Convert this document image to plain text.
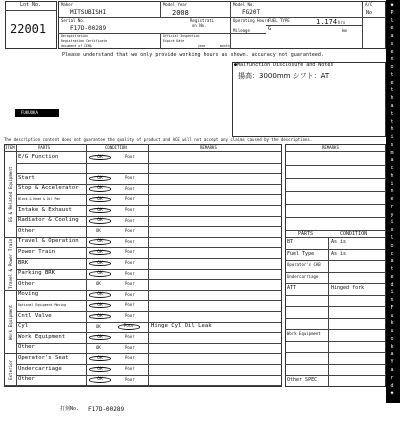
Lot No.
22001
Maker
MITSUBISHI
Model Year
2008
Model No.
FG20T
A/C
No
Serial No.
F17D-00289
Registrati
on No.
Operating Hours	1.174 hrs
Mileage	km
FUEL TYPE
G
Deregistration
Registration Certificate
document of CEMA
Official Inspection
Expire Date
year	month
Please understand that we only provide working hours as shown. accuracy not guaranteed.
●Malfunction Disclosure and Notes
揚高：3000mm シフト：AT
FUKUOKA
The description content does not guarantee the quality of product and ACE will not accept any claims caused by the descriptions.
ITEM	PARTS	CONDITION	REMARKS
E/G Function	OK	Poor
Start	OK	Poor
Stop & Accelerator	OK	Poor
Block & Head & Oil Pan	OK	Poor
Intake & Exhaust	OK	Poor
Radiator & Cooling	OK	Poor
Other	OK	Poor
Travel & Operation	OK	Poor
Power Train	OK	Poor
BRK	OK	Poor
Parking BRK	OK	Poor
Other	OK	Poor
Moving	OK	Poor
Optional Equipment Moving	OK	Poor
Cntl Valve	OK	Poor
Cyl	OK	Poor	Hinge Cyl Oil Leak
Work Equipment	OK	Poor
Other	OK	Poor
Operator's Seat	OK	Poor
Undercarriage	OK	Poor
Other	OK	Poor
EG & Related Equipment
Travel & Power Train
Work Equipment
Exterior
REMARKS
PARTS	CONDITION
BT	As is
Fuel Type	As is
Operator's CAB
Undercarriage
ATT	Hinged fork
Work Equipment
Other SPEC
打刻No. F17D-00289
◆
P
l
e
a
s
e
n
o
t
e
t
h
a
t
t
h
i
s
m
a
c
h
i
n
e
r
y
i
s
l
o
c
a
t
e
d
i
n
F
u
k
u
o
k
a
Y
a
r
d
◆
